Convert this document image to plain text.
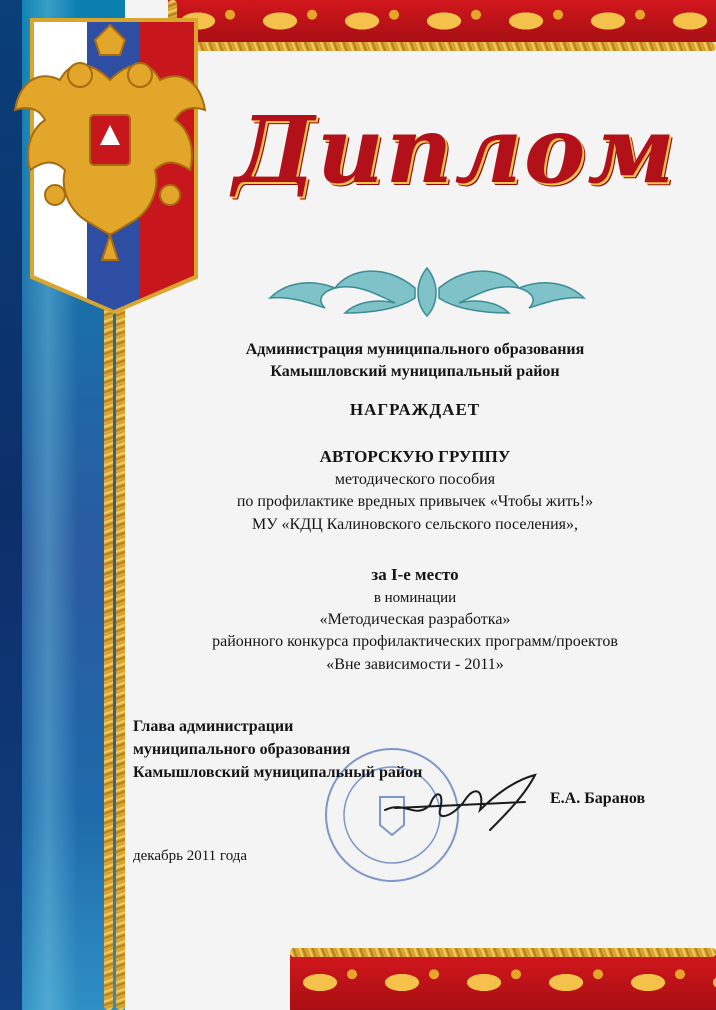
Диплом
Администрация муниципального образования
Камышловский муниципальный район
НАГРАЖДАЕТ
АВТОРСКУЮ ГРУППУ
методического пособия
по профилактике вредных привычек «Чтобы жить!»
МУ «КДЦ Калиновского сельского поселения»,
за I-е место
в номинации
«Методическая разработка»
районного конкурса профилактических программ/проектов
«Вне зависимости - 2011»
Глава администрации
муниципального образования
Камышловский муниципальный район
Е.А. Баранов
декабрь 2011 года
